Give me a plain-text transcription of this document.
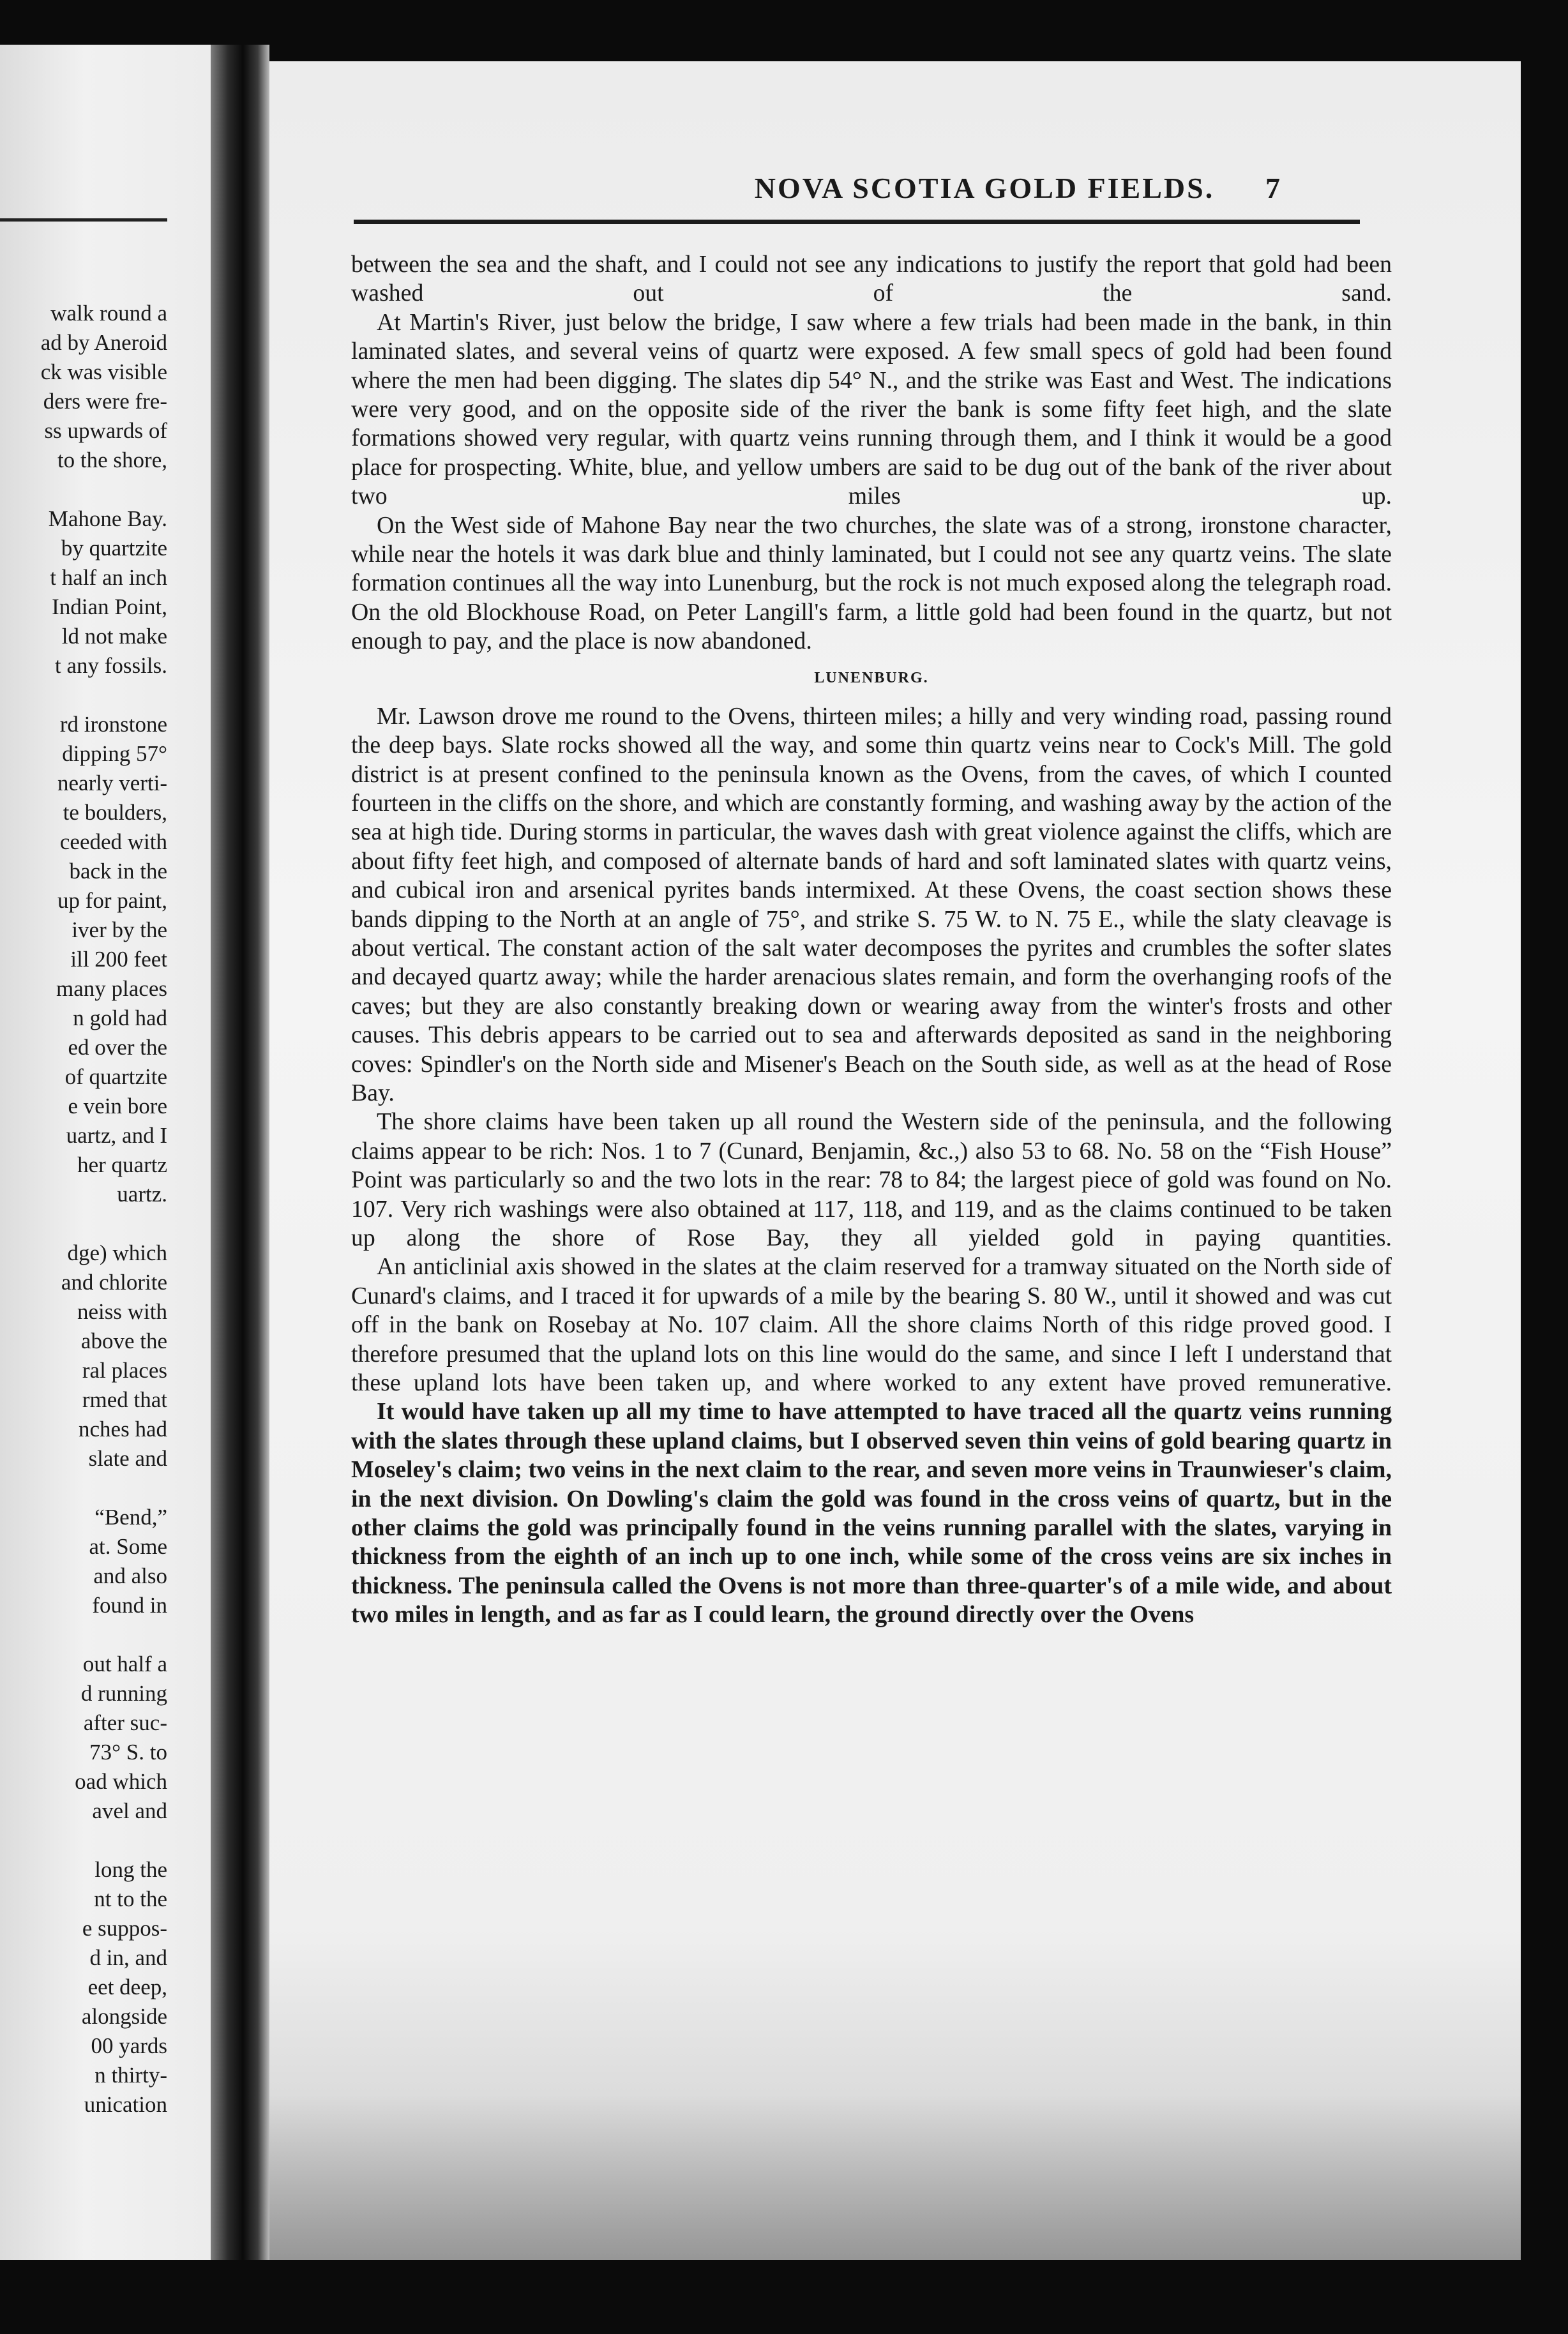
walk round a
ad by Aneroid
ck was visible
ders were fre-
ss upwards of
to the shore,
Mahone Bay.
by quartzite
t half an inch
Indian Point,
ld not make
t any fossils.
rd ironstone
dipping 57°
nearly verti-
te boulders,
ceeded with
back in the
up for paint,
iver by the
ill 200 feet
many places
n gold had
ed over the
of quartzite
e vein bore
uartz, and I
her quartz
uartz.
dge) which
and chlorite
neiss with
above the
ral places
rmed that
nches had
slate and
“Bend,”
at. Some
and also
found in
out half a
d running
after suc-
73° S. to
oad which
avel and
long the
nt to the
e suppos-
d in, and
eet deep,
alongside
00 yards
n thirty-
unication
NOVA SCOTIA GOLD FIELDS.	7

between the sea and the shaft, and I could not see any indications to justify the report that gold had been washed out of the sand.

At Martin's River, just below the bridge, I saw where a few trials had been made in the bank, in thin laminated slates, and several veins of quartz were exposed. A few small specs of gold had been found where the men had been digging. The slates dip 54° N., and the strike was East and West. The indications were very good, and on the opposite side of the river the bank is some fifty feet high, and the slate formations showed very regular, with quartz veins running through them, and I think it would be a good place for prospecting. White, blue, and yellow umbers are said to be dug out of the bank of the river about two miles up.

On the West side of Mahone Bay near the two churches, the slate was of a strong, ironstone character, while near the hotels it was dark blue and thinly laminated, but I could not see any quartz veins. The slate formation continues all the way into Lunenburg, but the rock is not much exposed along the telegraph road. On the old Blockhouse Road, on Peter Langill's farm, a little gold had been found in the quartz, but not enough to pay, and the place is now abandoned.

LUNENBURG.

Mr. Lawson drove me round to the Ovens, thirteen miles; a hilly and very winding road, passing round the deep bays. Slate rocks showed all the way, and some thin quartz veins near to Cock's Mill. The gold district is at present confined to the peninsula known as the Ovens, from the caves, of which I counted fourteen in the cliffs on the shore, and which are constantly forming, and washing away by the action of the sea at high tide. During storms in particular, the waves dash with great violence against the cliffs, which are about fifty feet high, and composed of alternate bands of hard and soft laminated slates with quartz veins, and cubical iron and arsenical pyrites bands intermixed. At these Ovens, the coast section shows these bands dipping to the North at an angle of 75°, and strike S. 75 W. to N. 75 E., while the slaty cleavage is about vertical. The constant action of the salt water decomposes the pyrites and crumbles the softer slates and decayed quartz away; while the harder arenacious slates remain, and form the overhanging roofs of the caves; but they are also constantly breaking down or wearing away from the winter's frosts and other causes. This debris appears to be carried out to sea and afterwards deposited as sand in the neighboring coves: Spindler's on the North side and Misener's Beach on the South side, as well as at the head of Rose Bay.

The shore claims have been taken up all round the Western side of the peninsula, and the following claims appear to be rich: Nos. 1 to 7 (Cunard, Benjamin, &c.,) also 53 to 68. No. 58 on the “Fish House” Point was particularly so and the two lots in the rear: 78 to 84; the largest piece of gold was found on No. 107. Very rich washings were also obtained at 117, 118, and 119, and as the claims continued to be taken up along the shore of Rose Bay, they all yielded gold in paying quantities.

An anticlinial axis showed in the slates at the claim reserved for a tramway situated on the North side of Cunard's claims, and I traced it for upwards of a mile by the bearing S. 80 W., until it showed and was cut off in the bank on Rosebay at No. 107 claim. All the shore claims North of this ridge proved good. I therefore presumed that the upland lots on this line would do the same, and since I left I understand that these upland lots have been taken up, and where worked to any extent have proved remunerative.

It would have taken up all my time to have attempted to have traced all the quartz veins running with the slates through these upland claims, but I observed seven thin veins of gold bearing quartz in Moseley's claim; two veins in the next claim to the rear, and seven more veins in Traunwieser's claim, in the next division. On Dowling's claim the gold was found in the cross veins of quartz, but in the other claims the gold was principally found in the veins running parallel with the slates, varying in thickness from the eighth of an inch up to one inch, while some of the cross veins are six inches in thickness. The peninsula called the Ovens is not more than three-quarter's of a mile wide, and about two miles in length, and as far as I could learn, the ground directly over the Ovens
